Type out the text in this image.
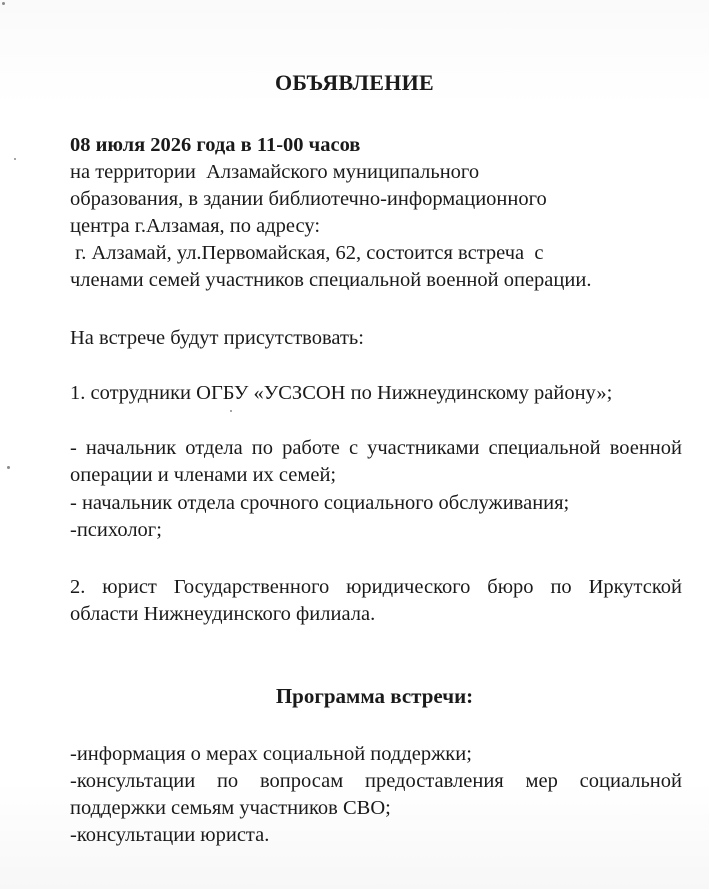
ОБЪЯВЛЕНИЕ
08 июля 2026 года в 11-00 часов
на территории  Алзамайского муниципального
образования, в здании библиотечно-информационного
центра г.Алзамая, по адресу:
г. Алзамай, ул.Первомайская, 62, состоится встреча  с
членами семей участников специальной военной операции.
На встрече будут присутствовать:
1. сотрудники ОГБУ «УСЗСОН по Нижнеудинскому району»;
- начальник отдела по работе с участниками специальной военной операции и членами их семей;
- начальник отдела срочного социального обслуживания;
-психолог;
2. юрист Государственного юридического бюро по Иркутской области Нижнеудинского филиала.
Программа встречи:
-информация о мерах социальной поддержки;
-консультации по вопросам предоставления мер социальной поддержки семьям участников СВО;
-консультации юриста.
